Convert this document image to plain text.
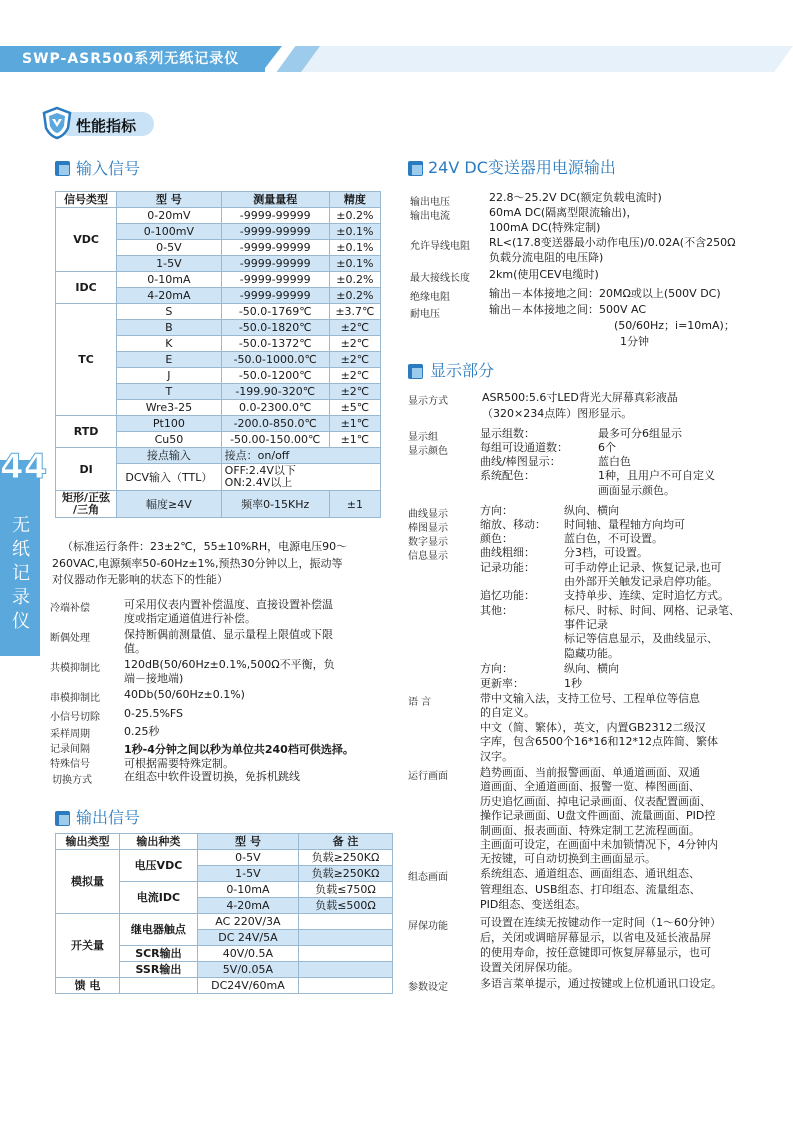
SWP-ASR500系列无纸记录仪
性能指标
44
无
纸
记
录
仪
输入信号
信号类型	型 号	测量量程	精度
VDC	0-20mV	-9999-99999	±0.2%
	0-100mV	-9999-99999	±0.1%
	0-5V	-9999-99999	±0.1%
	1-5V	-9999-99999	±0.1%
IDC	0-10mA	-9999-99999	±0.2%
	4-20mA	-9999-99999	±0.2%
TC	S	-50.0-1769℃	±3.7℃
	B	-50.0-1820℃	±2℃
	K	-50.0-1372℃	±2℃
	E	-50.0-1000.0℃	±2℃
	J	-50.0-1200℃	±2℃
	T	-199.90-320℃	±2℃
	Wre3-25	0.0-2300.0℃	±5℃
RTD	Pt100	-200.0-850.0℃	±1℃
	Cu50	-50.00-150.00℃	±1℃
DI	接点输入	接点：on/off	
	DCV输入（TTL）	OFF:2.4V以下
ON:2.4V以上	
矩形/正弦
/三角	幅度≥4V	频率0-15KHz	±1
（标准运行条件：23±2℃，55±10%RH，电源电压90～
260VAC,电源频率50-60Hz±1%,预热30分钟以上，振动等
对仪器动作无影响的状态下的性能）
冷端补偿	可采用仪表内置补偿温度、直接设置补偿温
度或指定通道值进行补偿。
断偶处理	保持断偶前测量值、显示量程上限值或下限
值。
共模抑制比 120dB(50/60Hz±0.1%,500Ω不平衡，负
端－接地端)
串模抑制比 40Db(50/60Hz±0.1%)
小信号切除 0-25.5%FS
采样周期	0.25秒
记录间隔	1秒-4分钟之间以秒为单位共240档可供选择。
特殊信号	可根据需要特殊定制。
切换方式	在组态中软件设置切换，免拆机跳线
输出信号
输出类型	输出种类	型 号	备 注
模拟量	电压VDC	0-5V	负载≥250KΩ
		1-5V	负载≥250KΩ
	电流IDC	0-10mA	负载≤750Ω
		4-20mA	负载≤500Ω
开关量	继电器触点	AC 220V/3A	
		DC 24V/5A	
	SCR输出	40V/0.5A	
	SSR输出	5V/0.05A	
馈 电		DC24V/60mA	
24V DC变送器用电源输出
输出电压	22.8～25.2V DC(额定负载电流时)
输出电流	60mA DC(隔离型限流输出)，
100mA DC(特殊定制)
允许导线电阻 RL<(17.8变送器最小动作电压)/0.02A(不含250Ω
负载分流电阻的电压降)
最大接线长度 2km(使用CEV电缆时)
绝缘电阻	输出－本体接地之间：20MΩ或以上(500V DC)
耐电压	输出－本体接地之间：500V AC
(50/60Hz；i=10mA)；
1分钟
显示部分
显示方式	ASR500:5.6寸LED背光大屏幕真彩液晶
（320×234点阵）图形显示。
显示组
显示颜色
显示组数：	最多可分6组显示
每组可设通道数：	6个
曲线/棒图显示：	蓝白色
系统配色：	1种，且用户不可自定义
画面显示颜色。
曲线显示
棒图显示
数字显示
信息显示
方向：	纵向、横向
缩放、移动： 时间轴、量程轴方向均可
颜色：	蓝白色，不可设置。
曲线粗细：	分3档，可设置。
记录功能：	可手动停止记录、恢复记录,也可
由外部开关触发记录启停功能。
追忆功能：	支持单步、连续、定时追忆方式。
其他：	标尺、时标、时间、网格、记录笔、
事件记录
标记等信息显示，及曲线显示、
隐藏功能。
方向：	纵向、横向
更新率：	1秒
语 言	带中文输入法，支持工位号、工程单位等信息
的自定义。
中文（简、繁体），英文，内置GB2312二级汉
字库，包含6500个16*16和12*12点阵简、繁体
汉字。
运行画面	趋势画面、当前报警画面、单通道画面、双通
道画面、全通道画面、报警一览、棒图画面、
历史追忆画面、掉电记录画面、仪表配置画面、
操作记录画面、U盘文件画面、流量画面、PID控
制画面、报表画面、特殊定制工艺流程画面。
主画面可设定，在画面中未加锁情况下，4分钟内
无按键，可自动切换到主画面显示。
组态画面	系统组态、通道组态、画面组态、通讯组态、
管理组态、USB组态、打印组态、流量组态、
PID组态、变送组态。
屏保功能	可设置在连续无按键动作一定时间（1～60分钟）
后，关闭或调暗屏幕显示，以省电及延长液晶屏
的使用寿命，按任意键即可恢复屏幕显示，也可
设置关闭屏保功能。
参数设定	多语言菜单提示，通过按键或上位机通讯口设定。
